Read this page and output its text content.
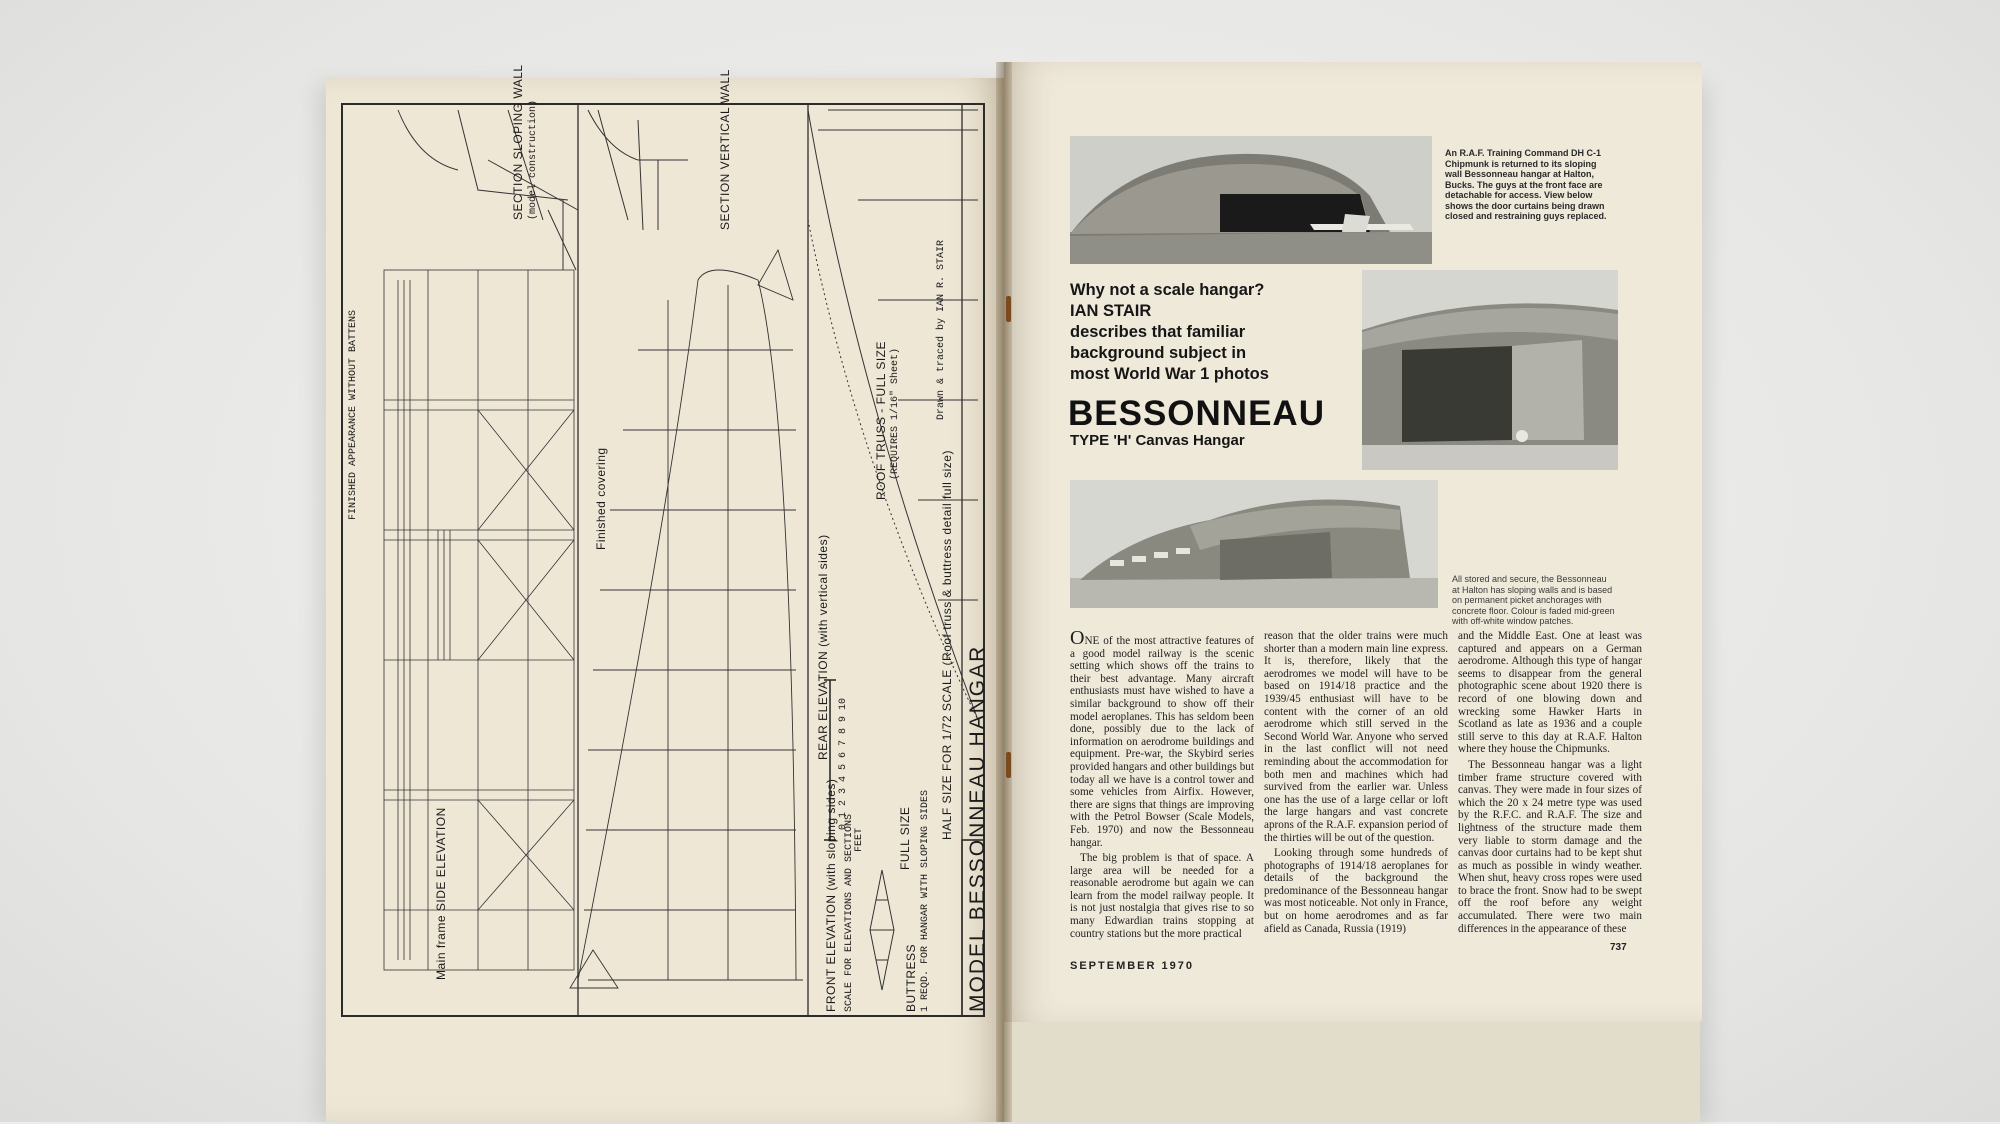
MODEL BESSONNEAU HANGAR
SECTION SLOPING WALL (model construction)	SECTION VERTICAL WALL
Main frame SIDE ELEVATION
Finished covering
FINISHED APPEARANCE WITHOUT BATTENS	ROOF TRUSS - FULL SIZE (REQUIRES 1/16" Sheet)
REAR ELEVATION (with vertical sides)
FRONT ELEVATION (with sloping sides) SCALE FOR ELEVATIONS AND SECTIONS
HALF SIZE FOR 1/72 SCALE (Roof truss & buttress detail full size)
FEET
0 1 2 3 4 5 6 7 8 9 10
FULL SIZE
BUTTRESS 1 REQD. FOR HANGAR WITH SLOPING SIDES
Drawn & traced by IAN R. STAIR
An R.A.F. Training Command DH C-1 Chipmunk is returned to its sloping wall Bessonneau hangar at Halton, Bucks. The guys at the front face are detachable for access. View below shows the door curtains being drawn closed and restraining guys replaced.
All stored and secure, the Bessonneau at Halton has sloping walls and is based on permanent picket anchorages with concrete floor. Colour is faded mid-green with off-white window patches.
Why not a scale hangar?
IAN STAIR
describes that familiar
background subject in
most World War 1 photos
BESSONNEAU
TYPE 'H' Canvas Hangar

ONE of the most attractive features of a good model railway is the scenic setting which shows off the trains to their best advantage. Many aircraft enthusiasts must have wished to have a similar background to show off their model aeroplanes. This has seldom been done, possibly due to the lack of information on aerodrome buildings and equipment. Pre-war, the Skybird series provided hangars and other buildings but today all we have is a control tower and some vehicles from Airfix. However, there are signs that things are improving with the Petrol Bowser (Scale Models, Feb. 1970) and now the Bessonneau hangar.

The big problem is that of space. A large area will be needed for a reasonable aerodrome but again we can learn from the model railway people. It is not just nostalgia that gives rise to so many Edwardian trains stopping at country stations but the more practical

reason that the older trains were much shorter than a modern main line express. It is, therefore, likely that the aerodromes we model will have to be based on 1914/18 practice and the 1939/45 enthusiast will have to be content with the corner of an old aerodrome which still served in the Second World War. Anyone who served in the last conflict will not need reminding about the accommodation for both men and machines which had survived from the earlier war. Unless one has the use of a large cellar or loft the large hangars and vast concrete aprons of the R.A.F. expansion period of the thirties will be out of the question.

Looking through some hundreds of photographs of 1914/18 aeroplanes for details of the background the predominance of the Bessonneau hangar was most noticeable. Not only in France, but on home aerodromes and as far afield as Canada, Russia (1919)

and the Middle East. One at least was captured and appears on a German aerodrome. Although this type of hangar seems to disappear from the general photographic scene about 1920 there is record of one blowing down and wrecking some Hawker Harts in Scotland as late as 1936 and a couple still serve to this day at R.A.F. Halton where they house the Chipmunks.

The Bessonneau hangar was a light timber frame structure covered with canvas. They were made in four sizes of which the 20 x 24 metre type was used by the R.F.C. and R.A.F. The size and lightness of the structure made them very liable to storm damage and the canvas door curtains had to be kept shut as much as possible in windy weather. When shut, heavy cross ropes were used to brace the front. Snow had to be swept off the roof before any weight accumulated. There were two main differences in the appearance of these

SEPTEMBER 1970
737
